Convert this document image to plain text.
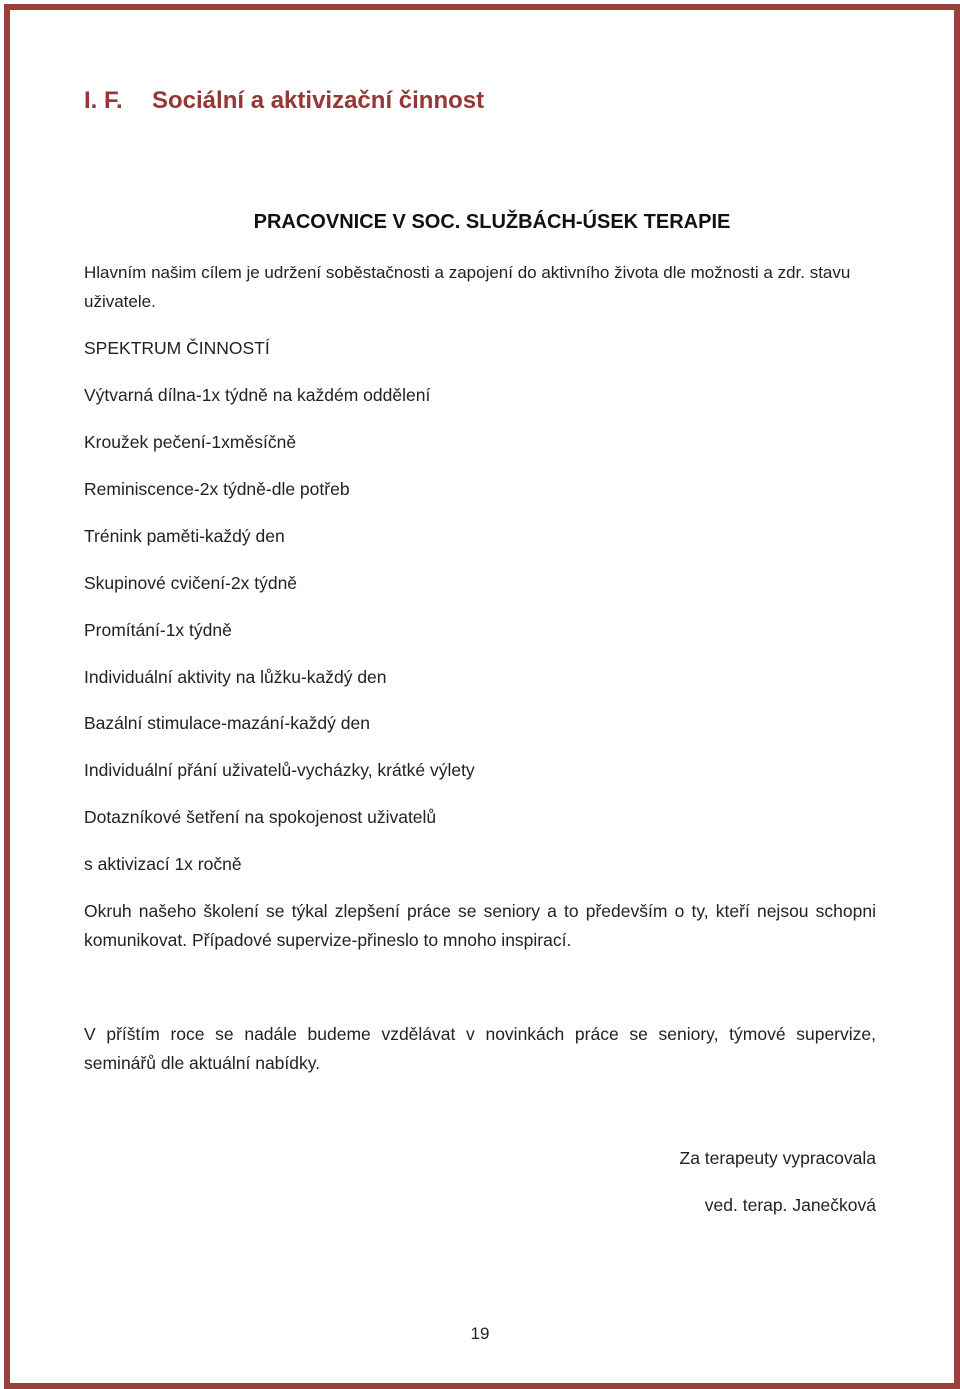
I. F. Sociální a aktivizační činnost
PRACOVNICE V SOC. SLUŽBÁCH-ÚSEK TERAPIE
Hlavním našim cílem je udržení soběstačnosti a zapojení do aktivního života dle možnosti a zdr. stavu uživatele.
SPEKTRUM ČINNOSTÍ
Výtvarná dílna-1x týdně na každém oddělení
Kroužek pečení-1xměsíčně
Reminiscence-2x týdně-dle potřeb
Trénink paměti-každý den
Skupinové cvičení-2x týdně
Promítání-1x týdně
Individuální aktivity na lůžku-každý den
Bazální stimulace-mazání-každý den
Individuální přání uživatelů-vycházky, krátké výlety
Dotazníkové šetření na spokojenost uživatelů
s aktivizací 1x ročně
Okruh našeho školení se týkal zlepšení práce se seniory a to především o ty, kteří nejsou schopni komunikovat. Případové supervize-přineslo to mnoho inspirací.
V příštím roce se nadále budeme vzdělávat v novinkách práce se seniory, týmové supervize, seminářů dle aktuální nabídky.
Za terapeuty vypracovala
ved. terap. Janečková
19
